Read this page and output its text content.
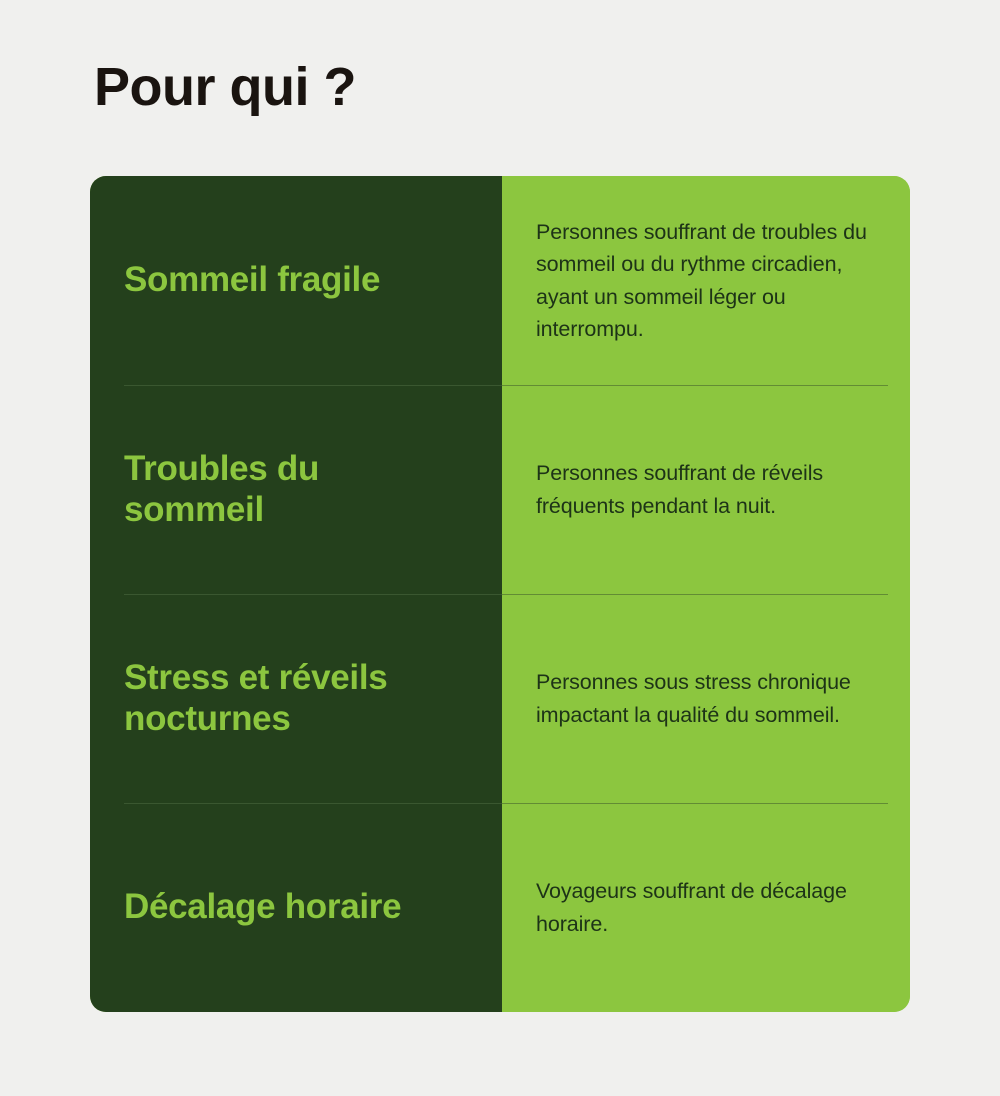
Pour qui ?
Sommeil fragile
Personnes souffrant de troubles du sommeil ou du rythme circadien, ayant un sommeil léger ou interrompu.
Troubles du sommeil
Personnes souffrant de réveils fréquents pendant la nuit.
Stress et réveils nocturnes
Personnes sous stress chronique impactant la qualité du sommeil.
Décalage horaire	Voyageurs souffrant de décalage horaire.
